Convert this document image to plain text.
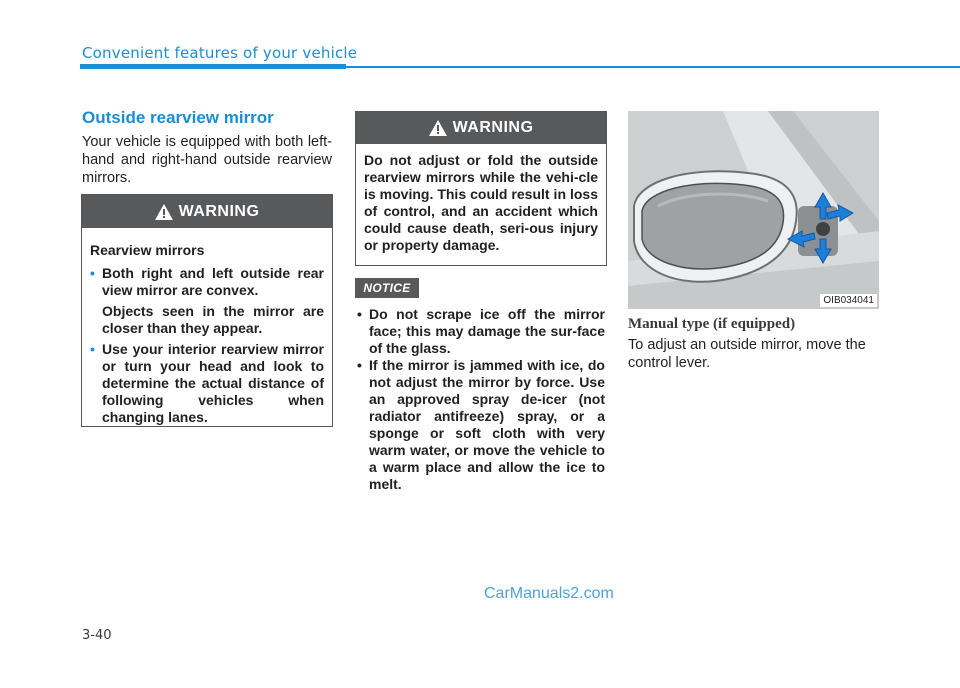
Convenient features of your vehicle
Outside rearview mirror

Your vehicle is equipped with both left-hand and right-hand outside rearview mirrors.

WARNING
Rearview mirrors
• Both right and left outside rear view mirror are convex.
Objects seen in the mirror are closer than they appear.
• Use your interior rearview mirror or turn your head and look to determine the actual distance of following vehicles when changing lanes.
WARNING
Do not adjust or fold the outside rearview mirrors while the vehi-cle is moving. This could result in loss of control, and an accident which could cause death, seri-ous injury or property damage.
NOTICE
• Do not scrape ice off the mirror face; this may damage the sur-face of the glass.
• If the mirror is jammed with ice, do not adjust the mirror by force. Use an approved spray de-icer (not radiator antifreeze) spray, or a sponge or soft cloth with very warm water, or move the vehicle to a warm place and allow the ice to melt.
OIB034041
Manual type (if equipped)

To adjust an outside mirror, move the control lever.

CarManuals2.com
3-40
